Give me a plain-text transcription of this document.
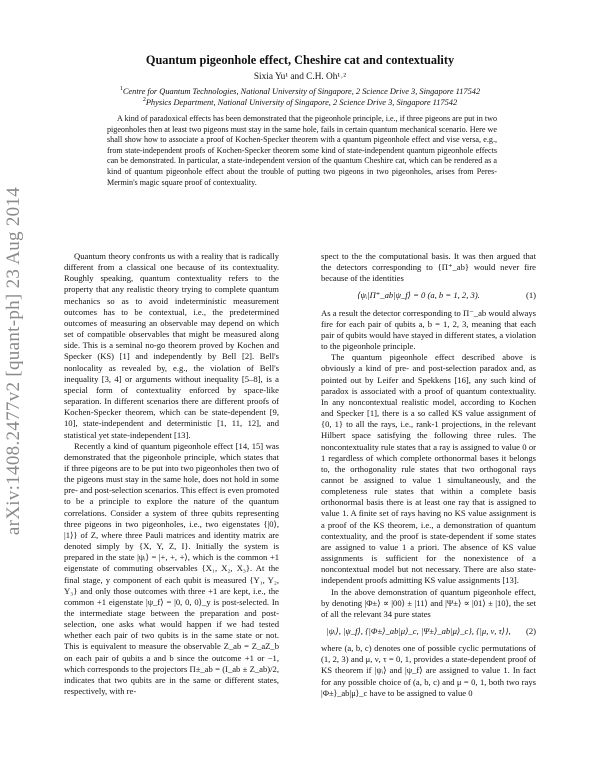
arXiv:1408.2477v2 [quant-ph] 23 Aug 2014
Quantum pigeonhole effect, Cheshire cat and contextuality
Sixia Yu¹ and C.H. Oh¹˒²
$^1$Centre for Quantum Technologies, National University of Singapore, 2 Science Drive 3, Singapore 117542
$^2$Physics Department, National University of Singapore, 2 Science Drive 3, Singapore 117542
A kind of paradoxical effects has been demonstrated that the pigeonhole principle, i.e., if three pigeons are put in two pigeonholes then at least two pigeons must stay in the same hole, fails in certain quantum mechanical scenario. Here we shall show how to associate a proof of Kochen-Specker theorem with a quantum pigeonhole effect and vise versa, e.g., from state-independent proofs of Kochen-Specker theorem some kind of state-independent quantum pigeonhole effects can be demonstrated. In particular, a state-independent version of the quantum Cheshire cat, which can be rendered as a kind of quantum pigeonhole effect about the trouble of putting two pigeons in two pigeonholes, arises from Peres-Mermin's magic square proof of contextuality.

Quantum theory confronts us with a reality that is radically different from a classical one because of its contextuality. Roughly speaking, quantum contextuality refers to the property that any realistic theory trying to complete quantum mechanics so as to avoid indeterministic measurement outcomes has to be contextual, i.e., the predetermined outcomes of measuring an observable may depend on which set of compatible observables that might be measured along side. This is a seminal no-go theorem proved by Kochen and Specker (KS) [1] and independently by Bell [2]. Bell's nonlocality as revealed by, e.g., the violation of Bell's inequality [3, 4] or arguments without inequality [5–8], is a special form of contextuality enforced by space-like separation. In different scenarios there are different proofs of Kochen-Specker theorem, which can be state-dependent [9, 10], state-independent and deterministic [1, 11, 12], and statistical yet state-independent [13].

Recently a kind of quantum pigeonhole effect [14, 15] was demonstrated that the pigeonhole principle, which states that if three pigeons are to be put into two pigeonholes then two of the pigeons must stay in the same hole, does not hold in some pre- and post-selection scenarios. This effect is even promoted to be a principle to explore the nature of the quantum correlations. Consider a system of three qubits representing three pigeons in two pigeonholes, i.e., two eigenstates {|0⟩, |1⟩} of Z, where three Pauli matrices and identity matrix are denoted simply by {X, Y, Z, I}. Initially the system is prepared in the state |ψᵢ⟩ = |+, +, +⟩, which is the common +1 eigenstate of commuting observables {X₁, X₂, X₃}. At the final stage, y component of each qubit is measured {Y₁, Y₂, Y₃} and only those outcomes with three +1 are kept, i.e., the common +1 eigenstate |ψ_f⟩ = |0, 0, 0⟩_y is post-selected. In the intermediate stage between the preparation and post-selection, one asks what would happen if we had tested whether each pair of two qubits is in the same state or not. This is equivalent to measure the observable Z_ab = Z_aZ_b on each pair of qubits a and b since the outcome +1 or −1, which corresponds to the projectors Π±_ab = (I_ab ± Z_ab)/2, indicates that two qubits are in the same or different states, respectively, with re-

spect to the the computational basis. It was then argued that the detectors corresponding to {Π⁺_ab} would never fire because of the identities

⟨ψᵢ|Π⁺_ab|ψ_f⟩ = 0 (a, b = 1, 2, 3).	(1)

As a result the detector corresponding to Π⁻_ab would always fire for each pair of qubits a, b = 1, 2, 3, meaning that each pair of qubits would have stayed in different states, a violation to the pigeonhole principle.

The quantum pigeonhole effect described above is obviously a kind of pre- and post-selection paradox and, as pointed out by Leifer and Spekkens [16], any such kind of paradox is associated with a proof of quantum contextuality. In any noncontextual realistic model, according to Kochen and Specker [1], there is a so called KS value assignment of {0, 1} to all the rays, i.e., rank-1 projections, in the relevant Hilbert space satisfying the following three rules. The noncontextuality rule states that a ray is assigned to value 0 or 1 regardless of which complete orthonormal bases it belongs to, the orthogonality rule states that two orthogonal rays cannot be assigned to value 1 simultaneously, and the completeness rule states that within a complete basis orthonormal basis there is at least one ray that is assigned to value 1. A finite set of rays having no KS value assignment is a proof of the KS theorem, i.e., a demonstration of quantum contextuality, and the proof is state-dependent if some states are assigned to value 1 a priori. The absence of KS value assignments is sufficient for the nonexistence of a noncontextual model but not necessary. There are also state-independent proofs admitting KS value assignments [13].

In the above demonstration of quantum pigeonhole effect, by denoting |Φ±⟩ ∝ |00⟩ ± |11⟩ and |Ψ±⟩ ∝ |01⟩ ± |10⟩, the set of all the relevant 34 pure states

|ψᵢ⟩, |ψ_f⟩, {|Φ±⟩_ab|μ⟩_c, |Ψ±⟩_ab|μ⟩_c}, {|μ, ν, τ⟩},	(2)

where (a, b, c) denotes one of possible cyclic permutations of (1, 2, 3) and μ, ν, τ = 0, 1, provides a state-dependent proof of KS theorem if |ψᵢ⟩ and |ψ_f⟩ are assigned to value 1. In fact for any possible choice of (a, b, c) and μ = 0, 1, both two rays |Φ±⟩_ab|μ⟩_c have to be assigned to value 0
